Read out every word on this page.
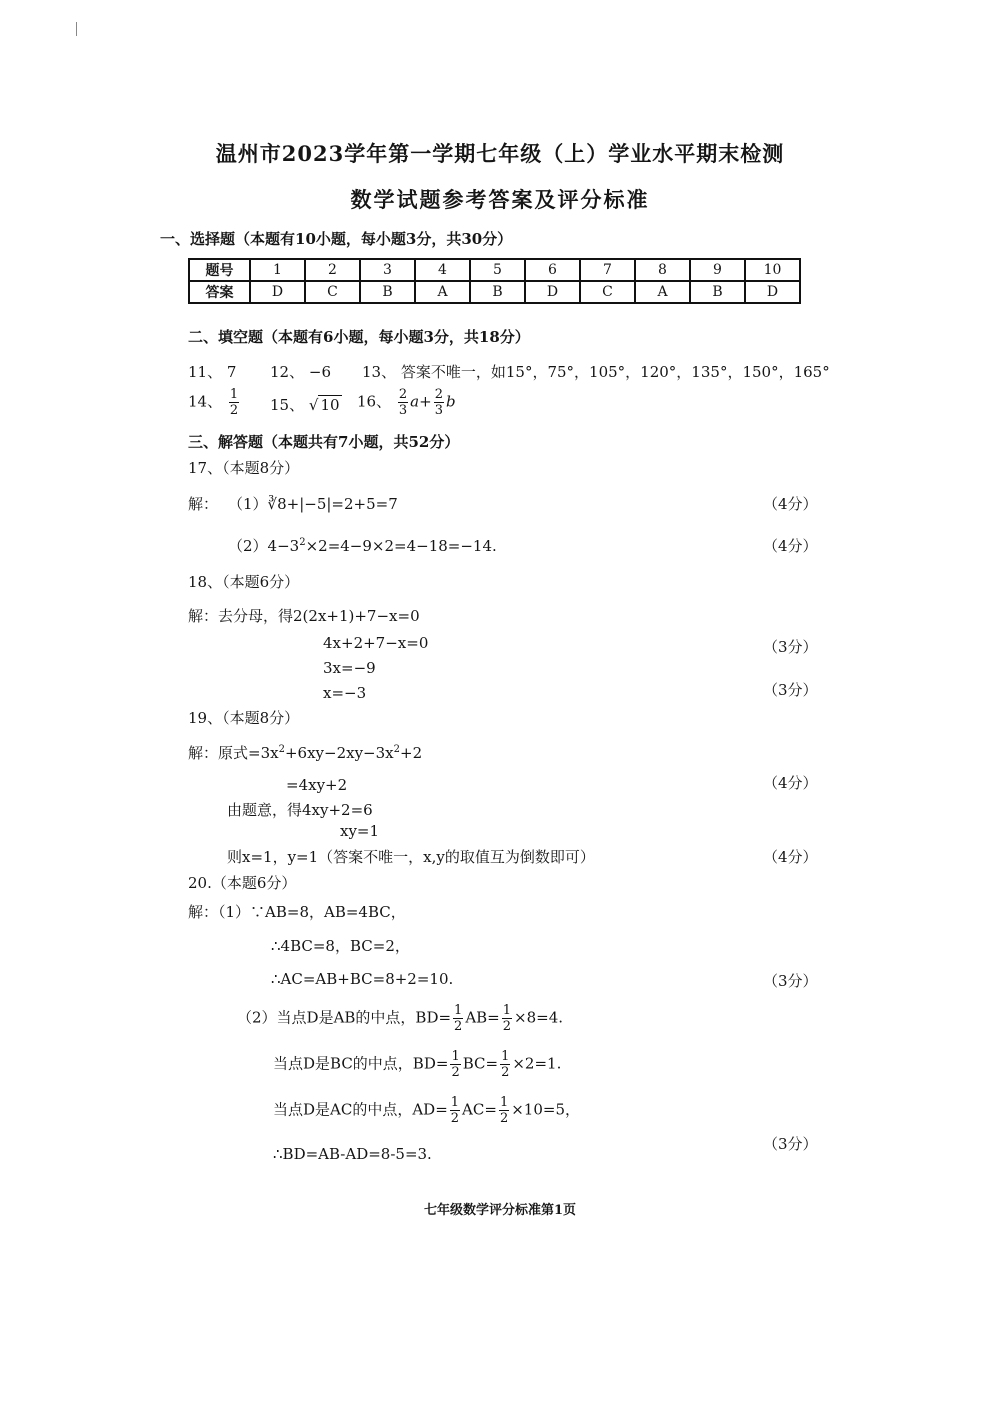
温州市2023学年第一学期七年级（上）学业水平期末检测
数学试题参考答案及评分标准
一、选择题（本题有10小题，每小题3分，共30分）
题号	1	2	3	4	5	6	7	8	9	10
答案	D	C	B	A	B	D	C	A	B	D
二、填空题（本题有6小题，每小题3分，共18分）
11、 7 12、 −6 13、 答案不唯一，如15°，75°，105°，120°，135°，150°，165°
14、 $\frac{1}{2} 15$、 √ 10 16、 $\frac{2}{3} a+ \frac{2}{3}$ b
三、解答题（本题共有7小题，共52分）
17、（本题8分）
解： （1）∛8+|−5|=2+5=7	（4分）
$(2)4-3^2\times 2=4-9\times 2=4-18=-14$.	（4分）
18、（本题6分）
解：去分母，得2(2x+1)+7−x=0
4x+2+7−x=0	（3分）
3x=−9
x=−3	（3分）
19、（本题8分）
解：原式$=3x^2+6xy-2xy-3x^2+2$
=4xy+2	（4分）
由题意，得4xy+2=6
xy=1
则x=1，y=1（答案不唯一，x,y的取值互为倒数即可）	（4分）
20.（本题6分）
解：（1）∵AB=8，AB=4BC，
∴4BC=8，BC=2，
∴AC=AB+BC=8+2=10.	（3分）
（2）当点D是AB的中点，$BD= \frac{1}{2} AB= \frac{1}{2} \times 8=4$.
当点D是BC的中点，$BD= \frac{1}{2} BC= \frac{1}{2} \times 2=1$.
当点D是AC的中点，$AD= \frac{1}{2} AC= \frac{1}{2} \times 10=5$，
（3分）
∴BD=AB-AD=8-5=3.
七年级数学评分标准第1页
